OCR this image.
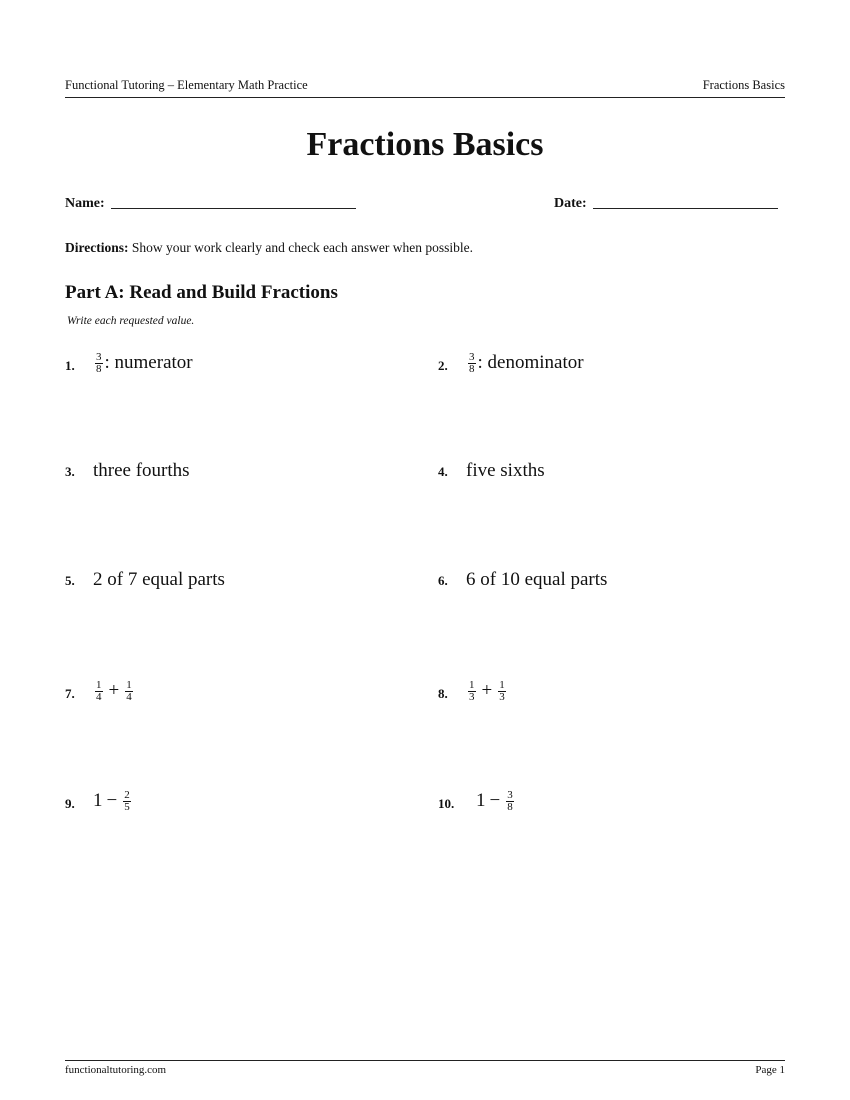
Functional Tutoring – Elementary Math Practice	Fractions Basics
Fractions Basics
Name:	Date:
Directions: Show your work clearly and check each answer when possible.
Part A: Read and Build Fractions
Write each requested value.
1. $\frac{3}{8}$ : numerator	2. $\frac{3}{8}$ : denominator
3. three fourths	4. five sixths
5. 2 of 7 equal parts	6. 6 of 10 equal parts
7. $\frac{1}{4} + \frac{1}{4}$	8. $\frac{1}{3} + \frac{1}{3}$
9. $1 - \frac{2}{5}$	10. $1 - \frac{3}{8}$
functionaltutoring.com	Page 1
